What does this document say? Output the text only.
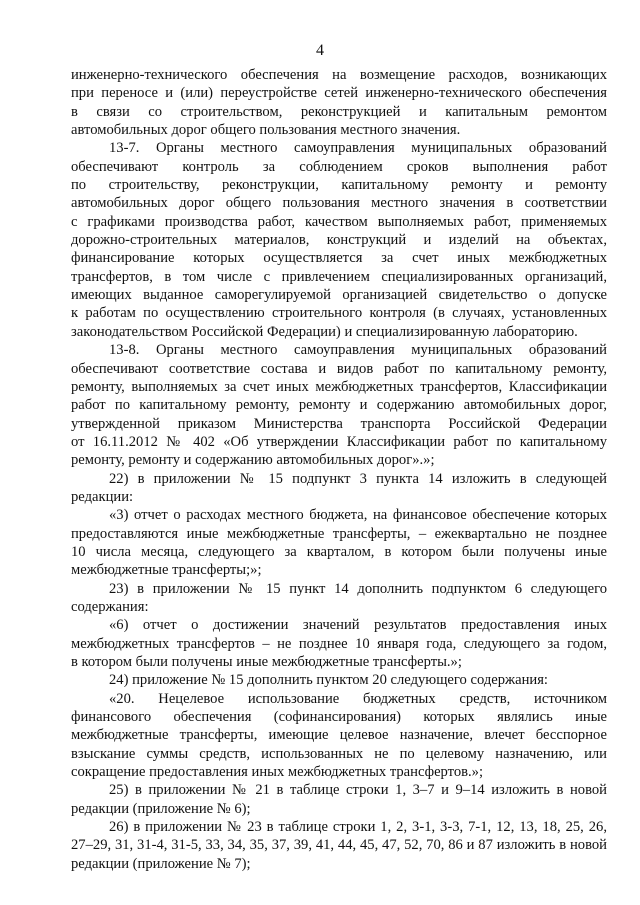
4
инженерно-технического обеспечения на возмещение расходов, возникающих
при переносе и (или) переустройстве сетей инженерно-технического обеспечения
в связи со строительством, реконструкцией и капитальным ремонтом
автомобильных дорог общего пользования местного значения.
13-7. Органы местного самоуправления муниципальных образований
обеспечивают контроль за соблюдением сроков выполнения работ
по строительству, реконструкции, капитальному ремонту и ремонту
автомобильных дорог общего пользования местного значения в соответствии
с графиками производства работ, качеством выполняемых работ, применяемых
дорожно-строительных материалов, конструкций и изделий на объектах,
финансирование которых осуществляется за счет иных межбюджетных
трансфертов, в том числе с привлечением специализированных организаций,
имеющих выданное саморегулируемой организацией свидетельство о допуске
к работам по осуществлению строительного контроля (в случаях, установленных
законодательством Российской Федерации) и специализированную лабораторию.
13-8. Органы местного самоуправления муниципальных образований
обеспечивают соответствие состава и видов работ по капитальному ремонту,
ремонту, выполняемых за счет иных межбюджетных трансфертов, Классификации
работ по капитальному ремонту, ремонту и содержанию автомобильных дорог,
утвержденной приказом Министерства транспорта Российской Федерации
от 16.11.2012 № 402 «Об утверждении Классификации работ по капитальному
ремонту, ремонту и содержанию автомобильных дорог».»;
22) в приложении № 15 подпункт 3 пункта 14 изложить в следующей
редакции:
«3) отчет о расходах местного бюджета, на финансовое обеспечение которых
предоставляются иные межбюджетные трансферты, – ежеквартально не позднее
10 числа месяца, следующего за кварталом, в котором были получены иные
межбюджетные трансферты;»;
23) в приложении № 15 пункт 14 дополнить подпунктом 6 следующего
содержания:
«6) отчет о достижении значений результатов предоставления иных
межбюджетных трансфертов – не позднее 10 января года, следующего за годом,
в котором были получены иные межбюджетные трансферты.»;
24) приложение № 15 дополнить пунктом 20 следующего содержания:
«20. Нецелевое использование бюджетных средств, источником
финансового обеспечения (софинансирования) которых являлись иные
межбюджетные трансферты, имеющие целевое назначение, влечет бесспорное
взыскание суммы средств, использованных не по целевому назначению, или
сокращение предоставления иных межбюджетных трансфертов.»;
25) в приложении № 21 в таблице строки 1, 3–7 и 9–14 изложить в новой
редакции (приложение № 6);
26) в приложении № 23 в таблице строки 1, 2, 3-1, 3-3, 7-1, 12, 13, 18, 25, 26,
27–29, 31, 31-4, 31-5, 33, 34, 35, 37, 39, 41, 44, 45, 47, 52, 70, 86 и 87 изложить в новой
редакции (приложение № 7);
